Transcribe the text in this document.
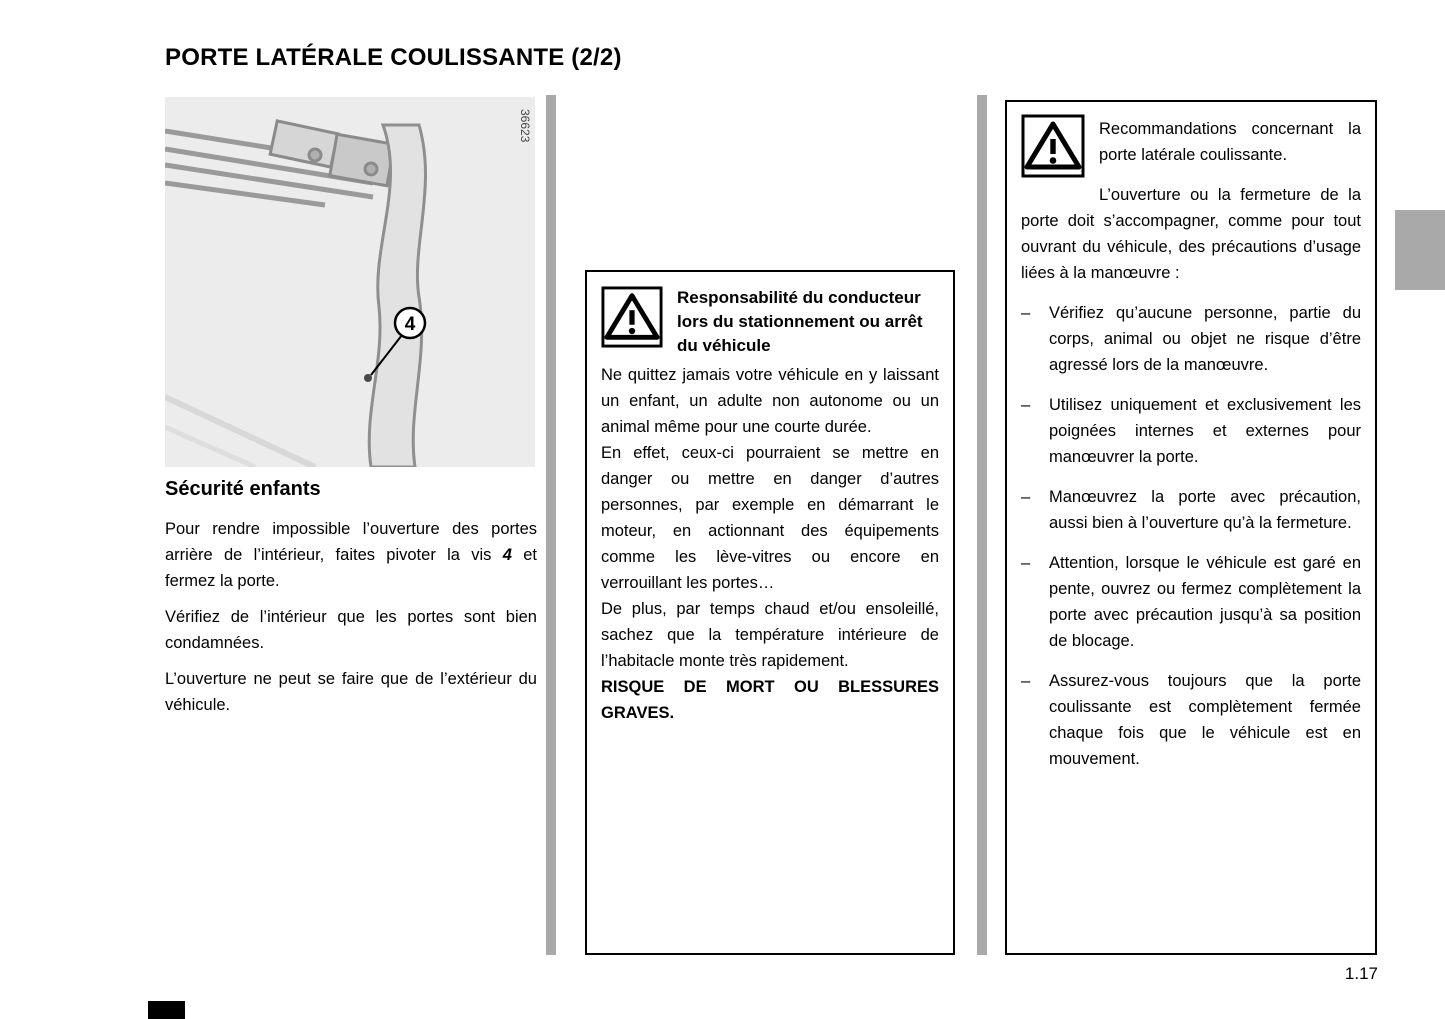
PORTE LATÉRALE COULISSANTE (2/2)
4
36623
Sécurité enfants

Pour rendre impossible l’ouverture des portes arrière de l’intérieur, faites pivoter la vis 4 et fermez la porte.

Vérifiez de l’intérieur que les portes sont bien condamnées.

L’ouverture ne peut se faire que de l’extérieur du véhicule.

Responsabilité du conducteur lors du stationnement ou arrêt du véhicule

Ne quittez jamais votre véhicule en y laissant un enfant, un adulte non autonome ou un animal même pour une courte durée.

En effet, ceux-ci pourraient se mettre en danger ou mettre en danger d’autres personnes, par exemple en démarrant le moteur, en actionnant des équipements comme les lève-vitres ou encore en verrouillant les portes…

De plus, par temps chaud et/ou ensoleillé, sachez que la température intérieure de l’habitacle monte très rapidement.

RISQUE DE MORT OU BLESSURES GRAVES.

Recommandations concernant la porte latérale coulissante.

L’ouverture ou la fermeture de la porte doit s’accompagner, comme pour tout ouvrant du véhicule, des précautions d’usage liées à la manœuvre :

– Vérifiez qu’aucune personne, partie du corps, animal ou objet ne risque d’être agressé lors de la manœuvre.
– Utilisez uniquement et exclusivement les poignées internes et externes pour manœuvrer la porte.
– Manœuvrez la porte avec précaution, aussi bien à l’ouverture qu’à la fermeture.
– Attention, lorsque le véhicule est garé en pente, ouvrez ou fermez complètement la porte avec précaution jusqu’à sa position de blocage.
– Assurez-vous toujours que la porte coulissante est complètement fermée chaque fois que le véhicule est en mouvement.
1.17
